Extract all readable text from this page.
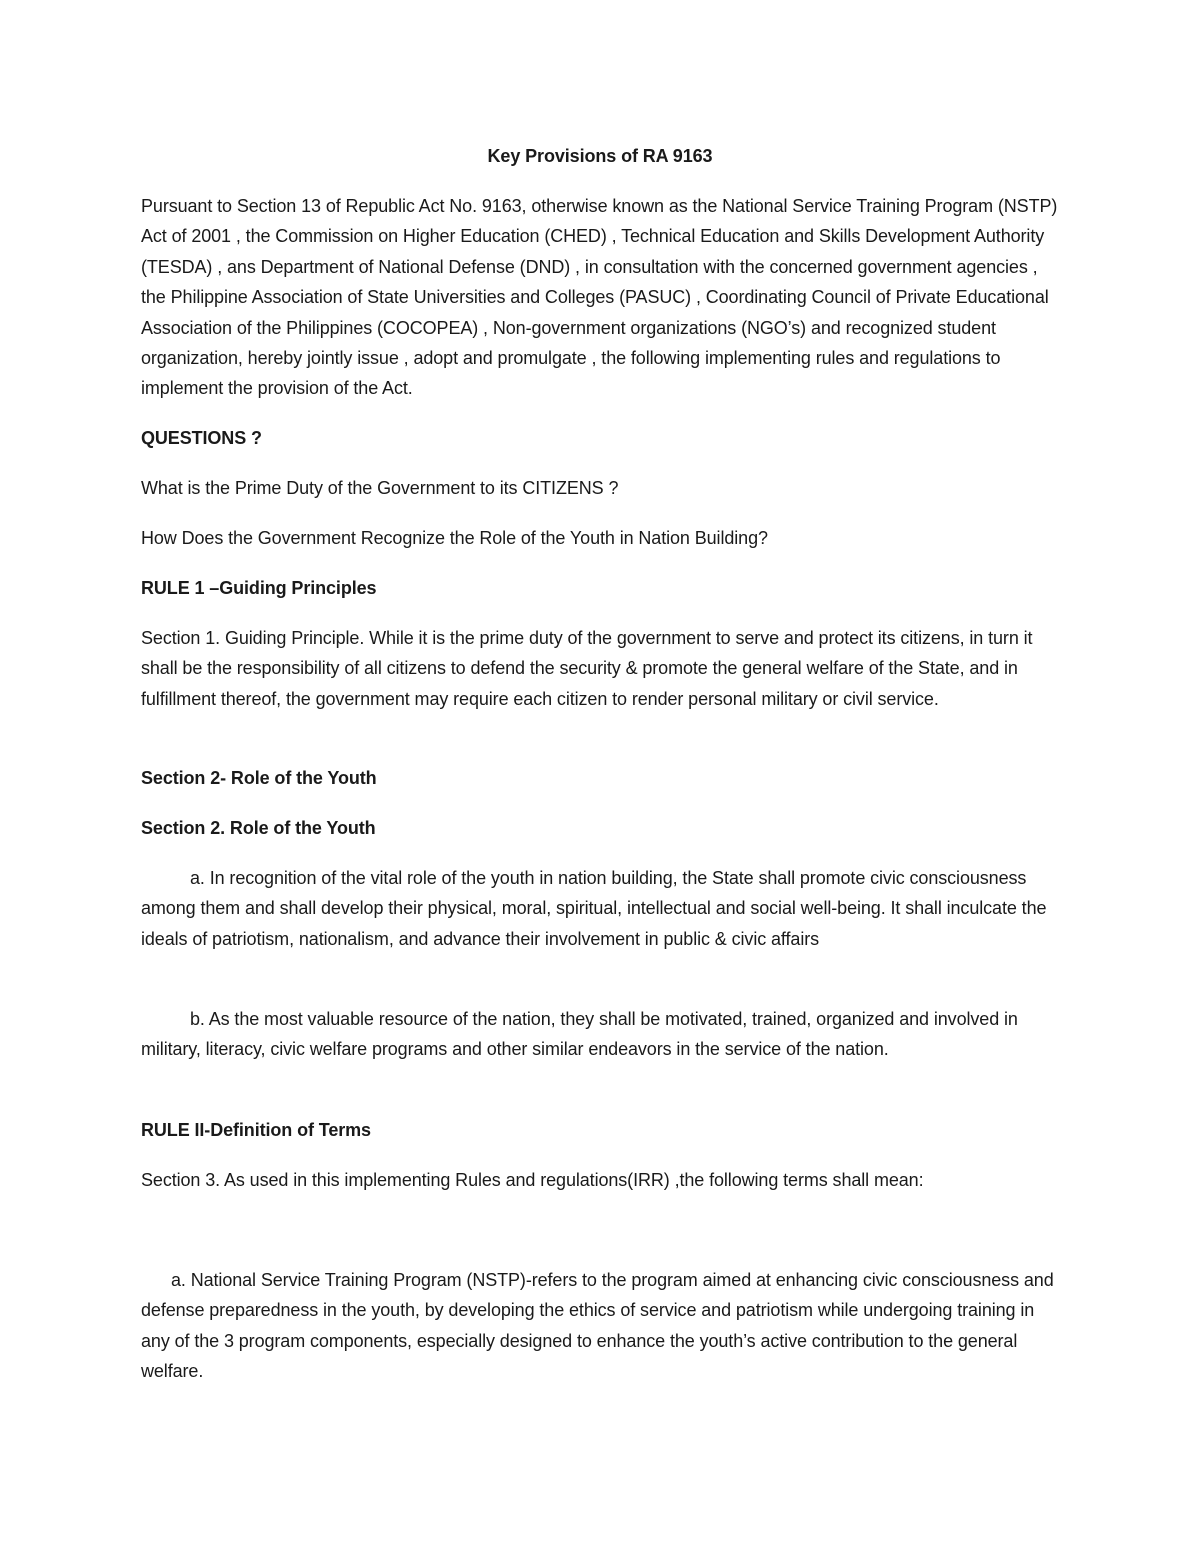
Key Provisions of RA 9163

Pursuant to Section 13 of Republic Act No. 9163, otherwise known as the National Service Training Program (NSTP) Act of 2001 , the Commission on Higher Education (CHED) , Technical Education and Skills Development Authority (TESDA) , ans Department of National Defense (DND) , in consultation with the concerned government agencies , the Philippine Association of State Universities and Colleges (PASUC) , Coordinating Council of Private Educational Association of the Philippines (COCOPEA) , Non-government organizations (NGO’s) and recognized student organization, hereby jointly issue , adopt and promulgate , the following implementing rules and regulations to implement the provision of the Act.

QUESTIONS ?

What is the Prime Duty of the Government to its CITIZENS ?

How Does the Government Recognize the Role of the Youth in Nation Building?

RULE 1 –Guiding Principles

Section 1. Guiding Principle. While it is the prime duty of the government to serve and protect its citizens, in turn it shall be the responsibility of all citizens to defend the security & promote the general welfare of the State, and in fulfillment thereof, the government may require each citizen to render personal military or civil service.

Section 2- Role of the Youth

Section 2. Role of the Youth

a. In recognition of the vital role of the youth in nation building, the State shall promote civic consciousness among them and shall develop their physical, moral, spiritual, intellectual and social well-being. It shall inculcate the ideals of patriotism, nationalism, and advance their involvement in public & civic affairs

b. As the most valuable resource of the nation, they shall be motivated, trained, organized and involved in military, literacy, civic welfare programs and other similar endeavors in the service of the nation.

RULE II-Definition of Terms

Section 3. As used in this implementing Rules and regulations(IRR) ,the following terms shall mean:

a. National Service Training Program (NSTP)-refers to the program aimed at enhancing civic consciousness and defense preparedness in the youth, by developing the ethics of service and patriotism while undergoing training in any of the 3 program components, especially designed to enhance the youth’s active contribution to the general welfare.
